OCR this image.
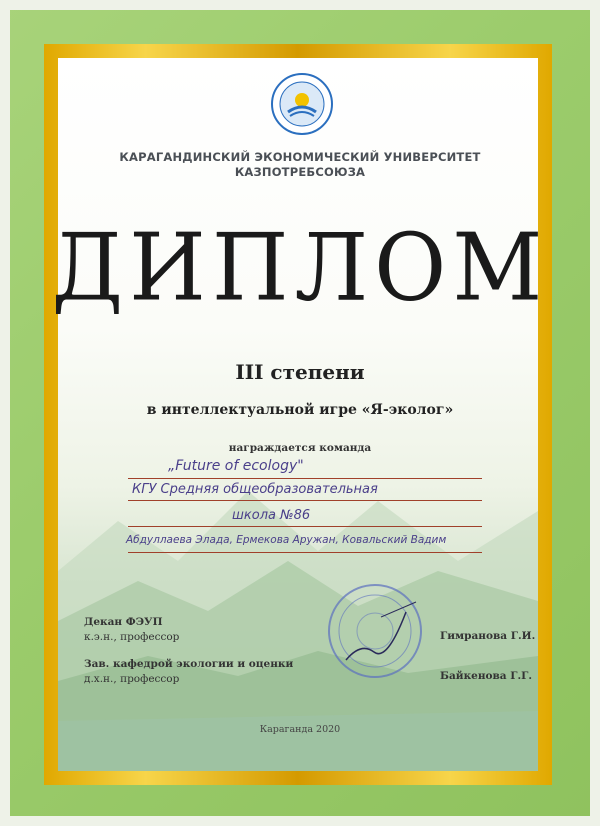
КАРАГАНДИНСКИЙ ЭКОНОМИЧЕСКИЙ УНИВЕРСИТЕТ
КАЗПОТРЕБСОЮЗА
ДИПЛОМ
III степени
в интеллектуальной игре «Я-эколог»
награждается команда
„Future of ecology"
КГУ Средняя общеобразовательная
школа №86
Абдуллаева Элада, Ермекова Аружан, Ковальский Вадим
Декан ФЭУП
к.э.н., профессор	Гимранова Г.И.
Зав. кафедрой экологии и оценки
д.х.н., профессор	Байкенова Г.Г.
Караганда 2020
